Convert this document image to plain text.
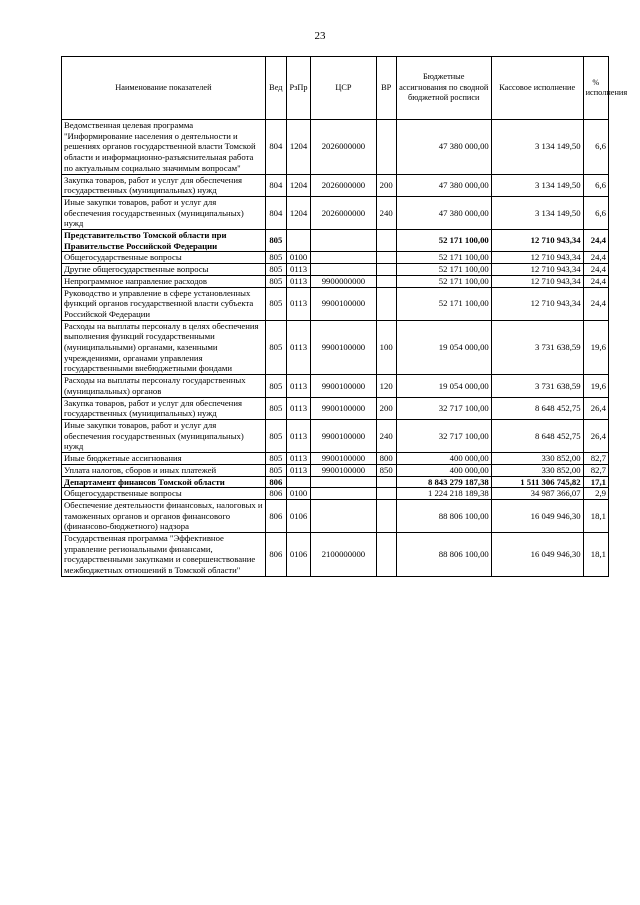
23
Наименование показателей	Вед	РзПр	ЦСР	ВР	Бюджетные ассигнования по сводной бюджетной росписи	Кассовое исполнение	% исполнения
Ведомственная целевая программа "Информирование населения о деятельности и решениях органов государственной власти Томской области и информационно-разъяснительная работа по актуальным социально значимым вопросам"	804	1204	2026000000		47 380 000,00	3 134 149,50	6,6
Закупка товаров, работ и услуг для обеспечения государственных (муниципальных) нужд	804	1204	2026000000	200	47 380 000,00	3 134 149,50	6,6
Иные закупки товаров, работ и услуг для обеспечения государственных (муниципальных) нужд	804	1204	2026000000	240	47 380 000,00	3 134 149,50	6,6
Представительство Томской области при Правительстве Российской Федерации	805				52 171 100,00	12 710 943,34	24,4
Общегосударственные вопросы	805	0100			52 171 100,00	12 710 943,34	24,4
Другие общегосударственные вопросы	805	0113			52 171 100,00	12 710 943,34	24,4
Непрограммное направление расходов	805	0113	9900000000		52 171 100,00	12 710 943,34	24,4
Руководство и управление в сфере установленных функций органов государственной власти субъекта Российской Федерации	805	0113	9900100000		52 171 100,00	12 710 943,34	24,4
Расходы на выплаты персоналу в целях обеспечения выполнения функций государственными (муниципальными) органами, казенными учреждениями, органами управления государственными внебюджетными фондами	805	0113	9900100000	100	19 054 000,00	3 731 638,59	19,6
Расходы на выплаты персоналу государственных (муниципальных) органов	805	0113	9900100000	120	19 054 000,00	3 731 638,59	19,6
Закупка товаров, работ и услуг для обеспечения государственных (муниципальных) нужд	805	0113	9900100000	200	32 717 100,00	8 648 452,75	26,4
Иные закупки товаров, работ и услуг для обеспечения государственных (муниципальных) нужд	805	0113	9900100000	240	32 717 100,00	8 648 452,75	26,4
Иные бюджетные ассигнования	805	0113	9900100000	800	400 000,00	330 852,00	82,7
Уплата налогов, сборов и иных платежей	805	0113	9900100000	850	400 000,00	330 852,00	82,7
Департамент финансов Томской области	806				8 843 279 187,38	1 511 306 745,82	17,1
Общегосударственные вопросы	806	0100			1 224 218 189,38	34 987 366,07	2,9
Обеспечение деятельности финансовых, налоговых и таможенных органов и органов финансового (финансово-бюджетного) надзора	806	0106			88 806 100,00	16 049 946,30	18,1
Государственная программа "Эффективное управление региональными финансами, государственными закупками и совершенствование межбюджетных отношений в Томской области"	806	0106	2100000000		88 806 100,00	16 049 946,30	18,1
